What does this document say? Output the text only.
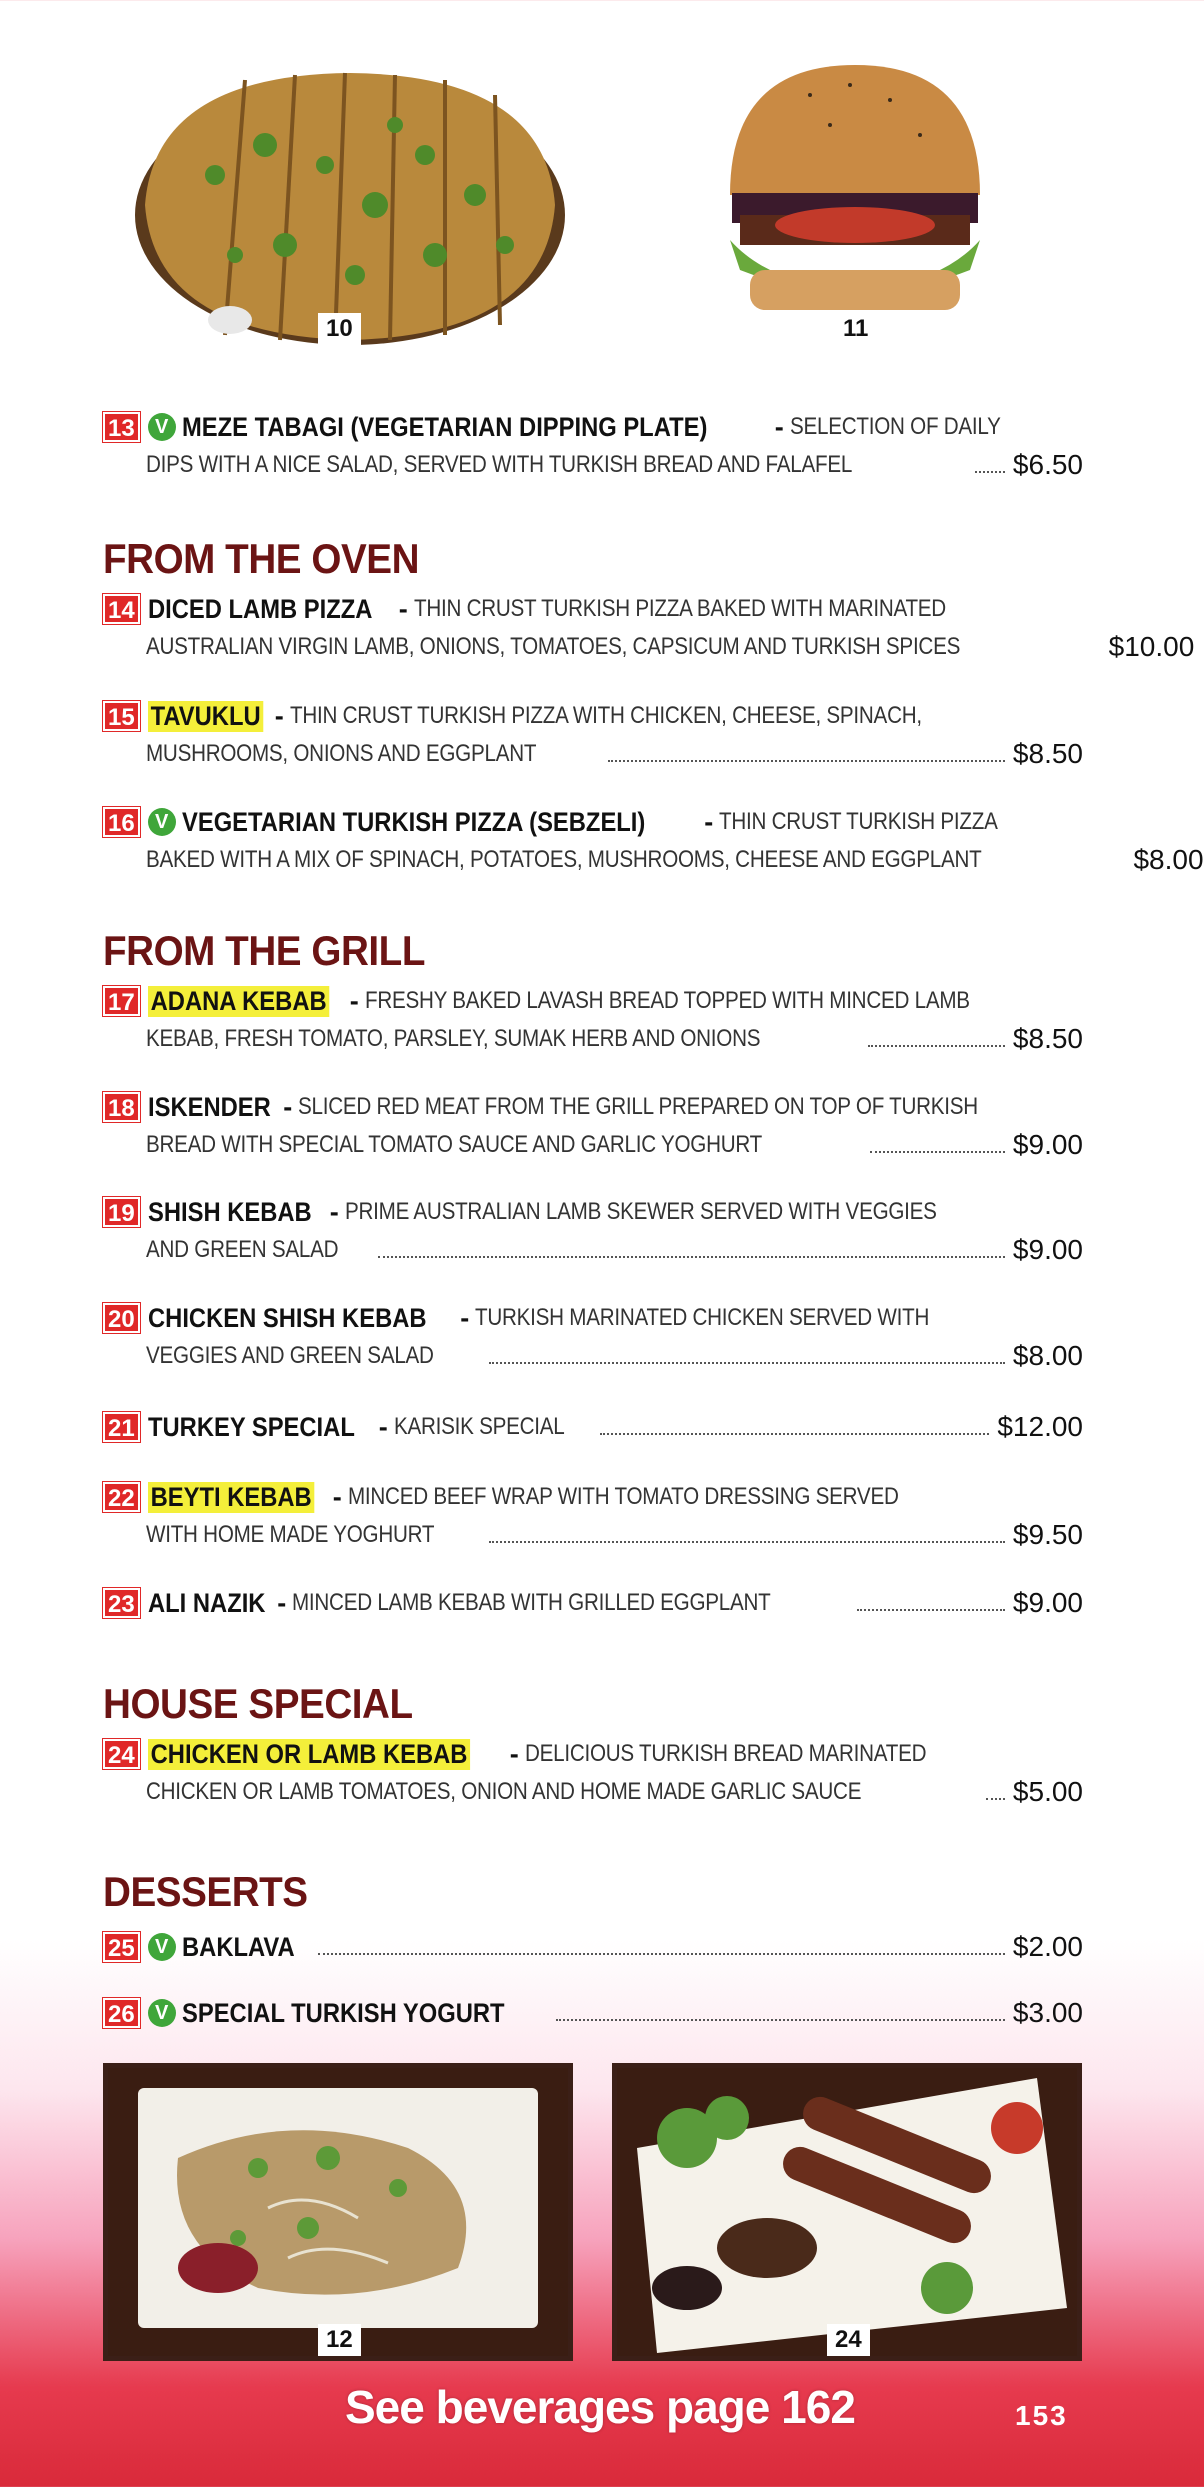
10	11
13	V MEZE TABAGI (VEGETARIAN DIPPING PLATE)	- SELECTION OF DAILY
DIPS WITH A NICE SALAD, SERVED WITH TURKISH BREAD AND FALAFEL	$6.50
FROM THE OVEN
14 DICED LAMB PIZZA - THIN CRUST TURKISH PIZZA BAKED WITH MARINATED
AUSTRALIAN VIRGIN LAMB, ONIONS, TOMATOES, CAPSICUM AND TURKISH SPICES	$10.00
15 TAVUKLU - THIN CRUST TURKISH PIZZA WITH CHICKEN, CHEESE, SPINACH,
MUSHROOMS, ONIONS AND EGGPLANT	$8.50
16	V VEGETARIAN TURKISH PIZZA (SEBZELI) - THIN CRUST TURKISH PIZZA
BAKED WITH A MIX OF SPINACH, POTATOES, MUSHROOMS, CHEESE AND EGGPLANT	$8.00
FROM THE GRILL
17 ADANA KEBAB - FRESHY BAKED LAVASH BREAD TOPPED WITH MINCED LAMB
KEBAB, FRESH TOMATO, PARSLEY, SUMAK HERB AND ONIONS	$8.50
18 ISKENDER - SLICED RED MEAT FROM THE GRILL PREPARED ON TOP OF TURKISH
BREAD WITH SPECIAL TOMATO SAUCE AND GARLIC YOGHURT	$9.00
19 SHISH KEBAB - PRIME AUSTRALIAN LAMB SKEWER SERVED WITH VEGGIES
AND GREEN SALAD	$9.00
20 CHICKEN SHISH KEBAB - TURKISH MARINATED CHICKEN SERVED WITH
VEGGIES AND GREEN SALAD	$8.00
21 TURKEY SPECIAL - KARISIK SPECIAL	$12.00
22 BEYTI KEBAB - MINCED BEEF WRAP WITH TOMATO DRESSING SERVED
WITH HOME MADE YOGHURT	$9.50
23 ALI NAZIK - MINCED LAMB KEBAB WITH GRILLED EGGPLANT	$9.00
HOUSE SPECIAL
24 CHICKEN OR LAMB KEBAB - DELICIOUS TURKISH BREAD MARINATED
CHICKEN OR LAMB TOMATOES, ONION AND HOME MADE GARLIC SAUCE	$5.00
DESSERTS
25	V BAKLAVA	$2.00
26	V SPECIAL TURKISH YOGURT	$3.00
12	24
See beverages page 162	153
